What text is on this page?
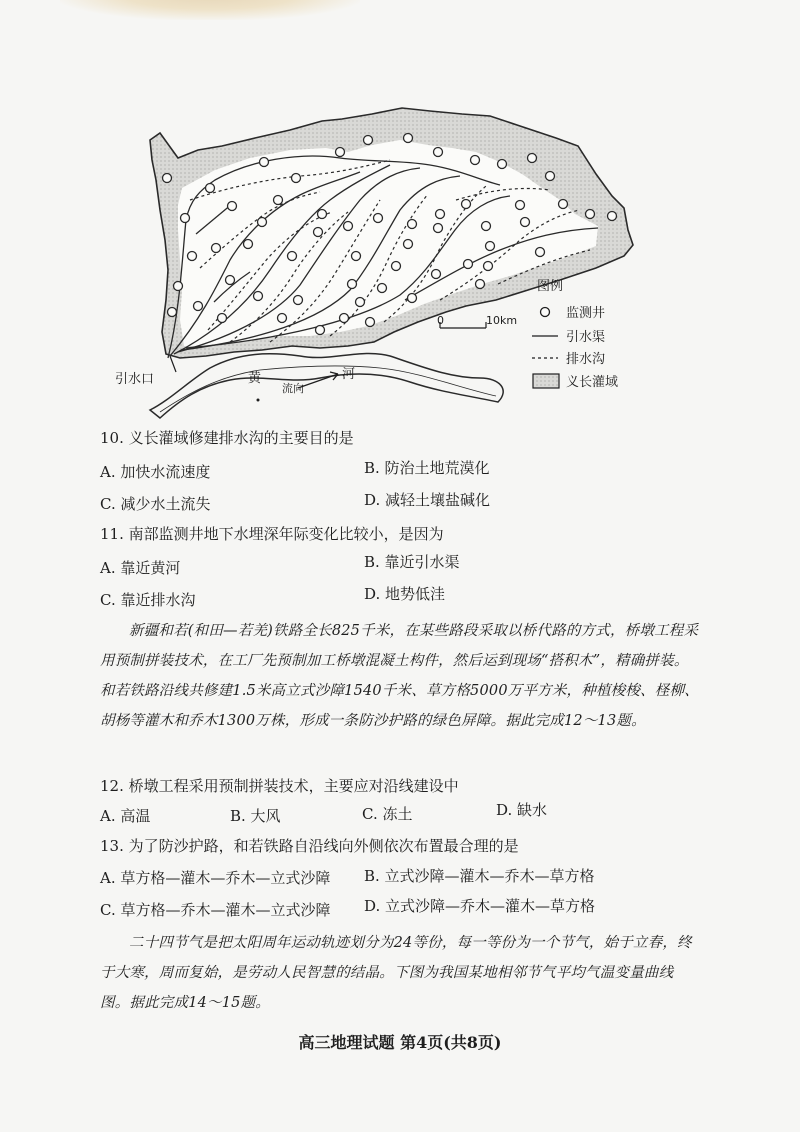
引水口	黄	河
流向
0	10km
图例
监测井
引水渠
排水沟
义长灌域
10. 义长灌域修建排水沟的主要目的是
A. 加快水流速度	B. 防治土地荒漠化
C. 减少水土流失	D. 减轻土壤盐碱化
11. 南部监测井地下水埋深年际变化比较小，是因为
A. 靠近黄河	B. 靠近引水渠
C. 靠近排水沟	D. 地势低洼
新疆和若(和田—若羌)铁路全长825千米，在某些路段采取以桥代路的方式，桥墩工程采用预制拼装技术，在工厂先预制加工桥墩混凝土构件，然后运到现场“搭积木”，精确拼装。和若铁路沿线共修建1.5米高立式沙障1540千米、草方格5000万平方米，种植梭梭、柽柳、胡杨等灌木和乔木1300万株，形成一条防沙护路的绿色屏障。据此完成12～13题。
12. 桥墩工程采用预制拼装技术，主要应对沿线建设中
A. 高温	B. 大风	C. 冻土	D. 缺水
13. 为了防沙护路，和若铁路自沿线向外侧依次布置最合理的是
A. 草方格—灌木—乔木—立式沙障 B. 立式沙障—灌木—乔木—草方格
C. 草方格—乔木—灌木—立式沙障 D. 立式沙障—乔木—灌木—草方格
二十四节气是把太阳周年运动轨迹划分为24等份，每一等份为一个节气，始于立春，终于大寒，周而复始，是劳动人民智慧的结晶。下图为我国某地相邻节气平均气温变量曲线图。据此完成14～15题。
高三地理试题 第4页(共8页)
